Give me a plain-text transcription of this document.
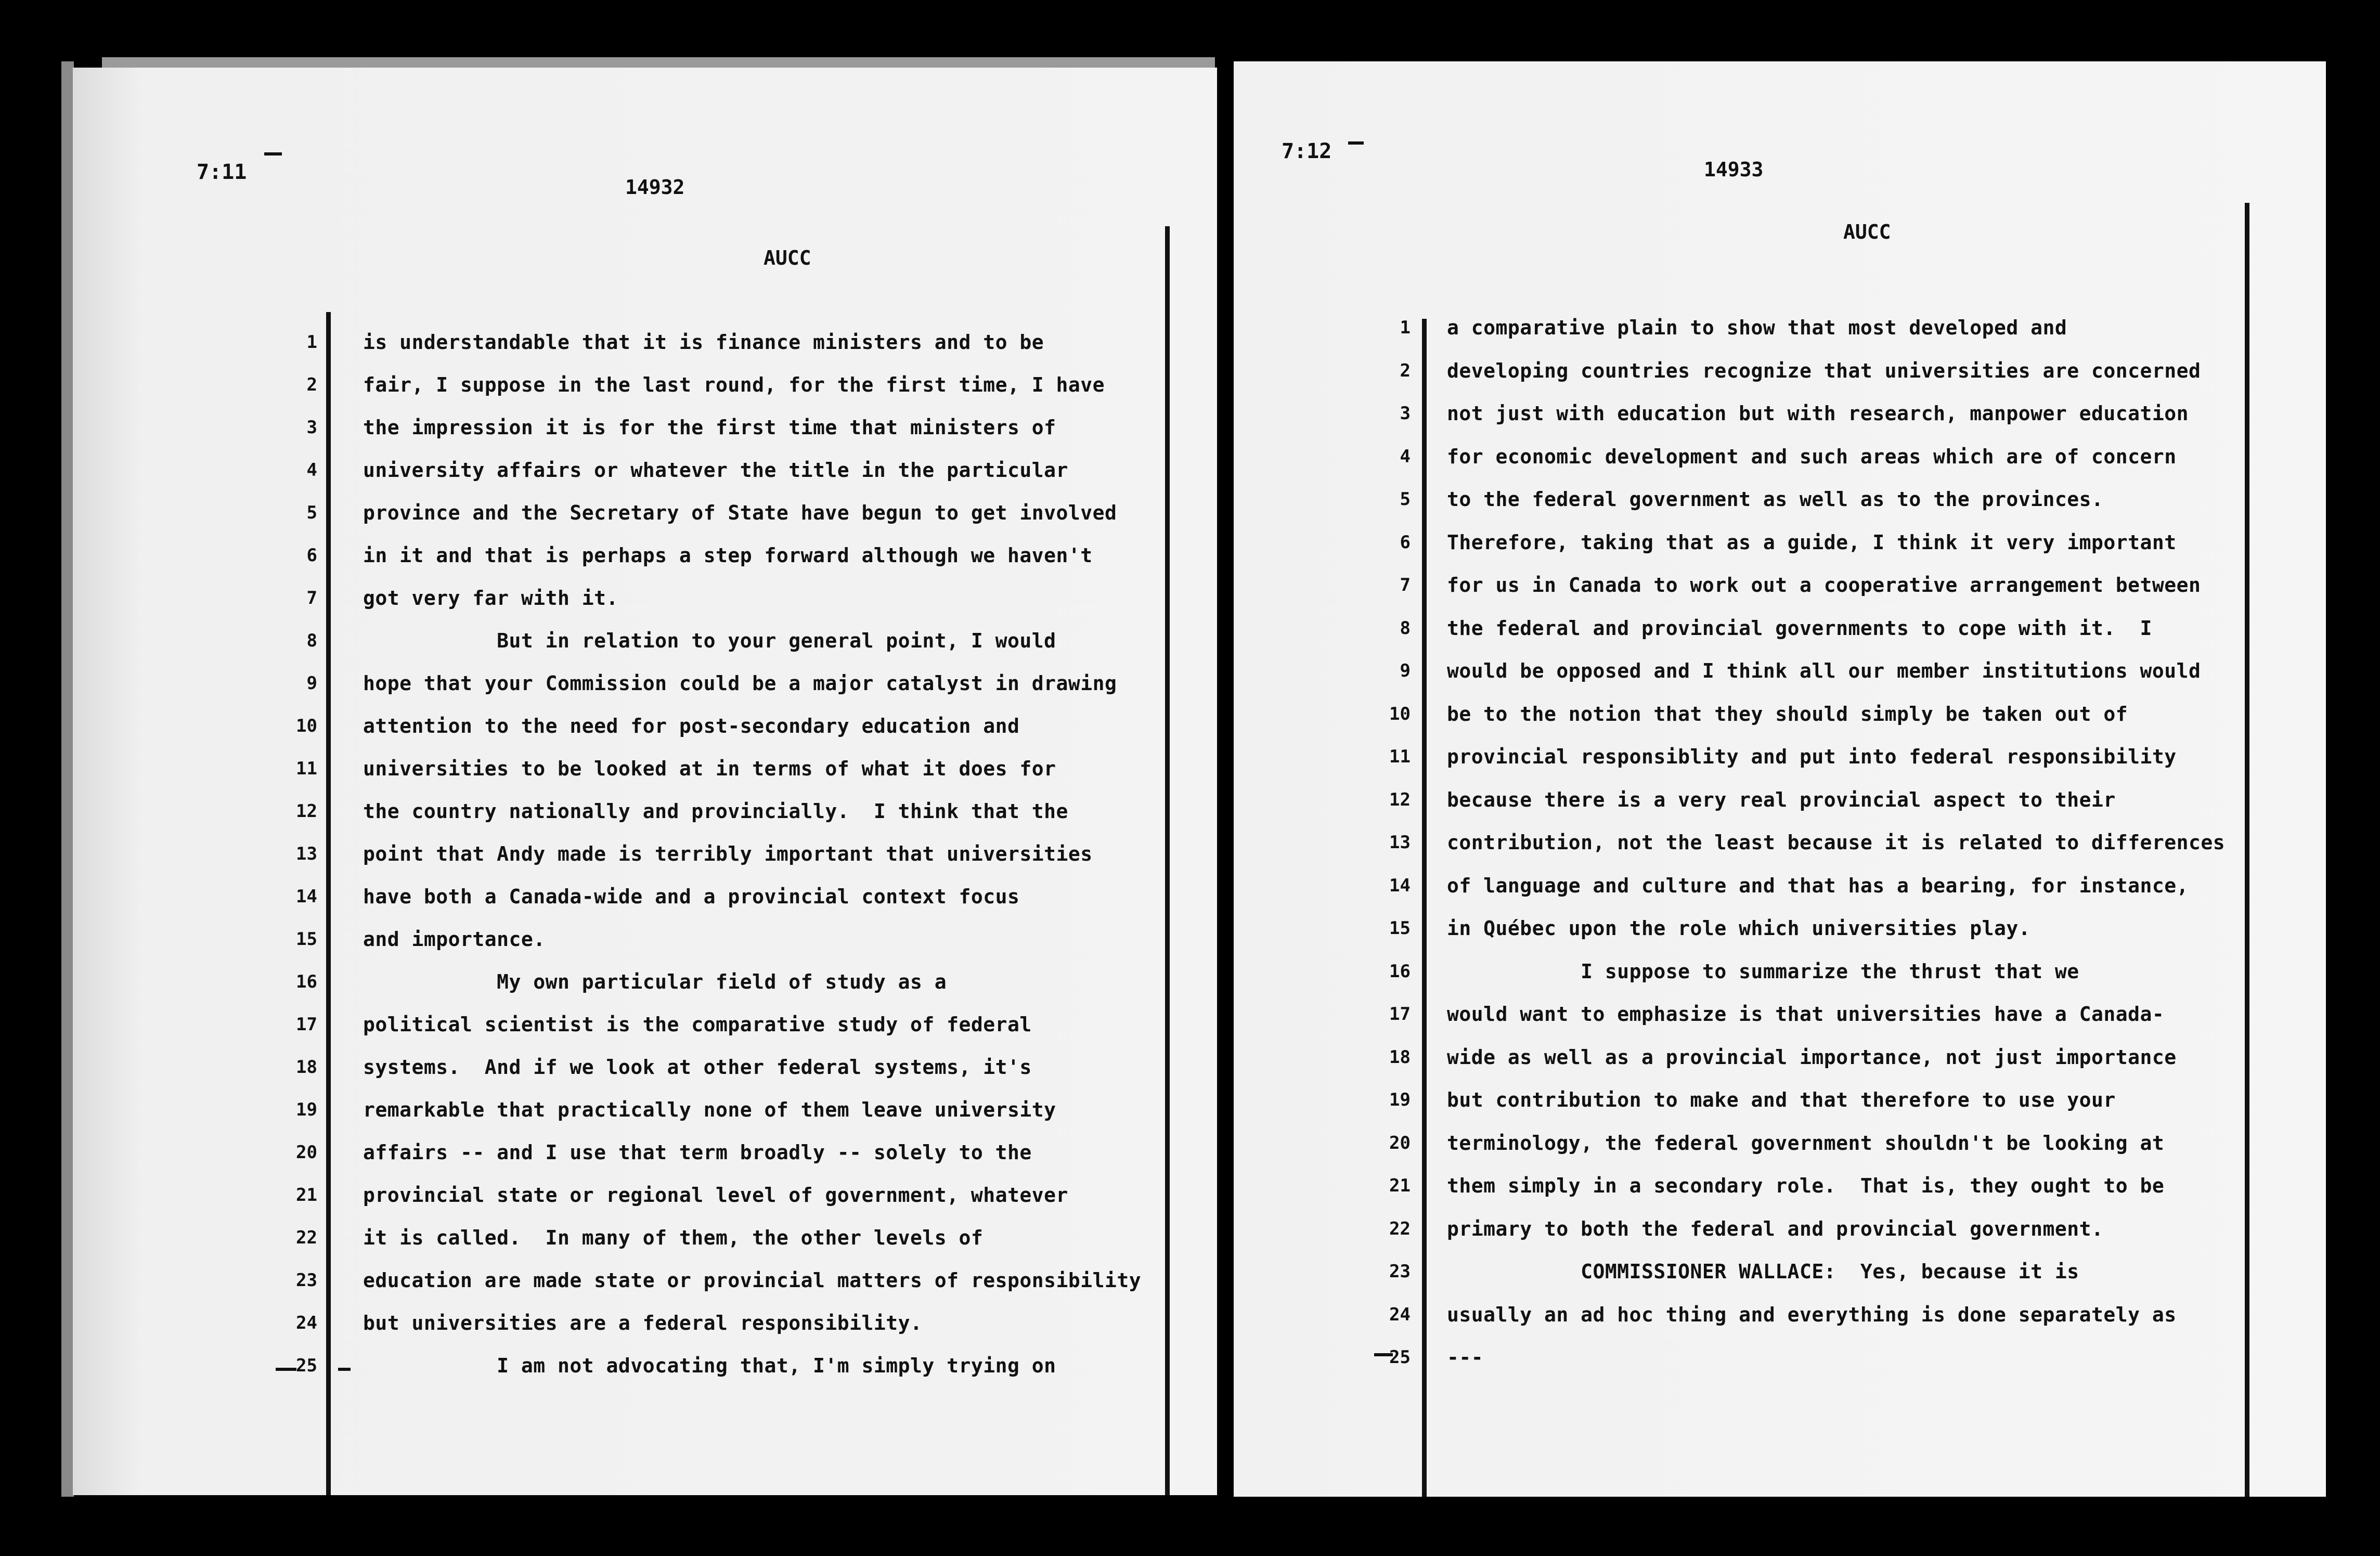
7:11
14932
AUCC
1 is understandable that it is finance ministers and to be
2 fair, I suppose in the last round, for the first time, I have
3 the impression it is for the first time that ministers of
4 university affairs or whatever the title in the particular
5 province and the Secretary of State have begun to get involved
6 in it and that is perhaps a step forward although we haven't
7 got very far with it.
8 But in relation to your general point, I would
9 hope that your Commission could be a major catalyst in drawing
10 attention to the need for post-secondary education and
11 universities to be looked at in terms of what it does for
12 the country nationally and provincially.  I think that the
13 point that Andy made is terribly important that universities
14 have both a Canada-wide and a provincial context focus
15 and importance.
16 My own particular field of study as a
17 political scientist is the comparative study of federal
18 systems.  And if we look at other federal systems, it's
19 remarkable that practically none of them leave university
20 affairs -- and I use that term broadly -- solely to the
21 provincial state or regional level of government, whatever
22 it is called.  In many of them, the other levels of
23 education are made state or provincial matters of responsibility
24 but universities are a federal responsibility.
25 I am not advocating that, I'm simply trying on
7:12
14933
AUCC
1 a comparative plain to show that most developed and
2 developing countries recognize that universities are concerned
3 not just with education but with research, manpower education
4 for economic development and such areas which are of concern
5 to the federal government as well as to the provinces.
6 Therefore, taking that as a guide, I think it very important
7 for us in Canada to work out a cooperative arrangement between
8 the federal and provincial governments to cope with it.  I
9 would be opposed and I think all our member institutions would
10 be to the notion that they should simply be taken out of
11 provincial responsiblity and put into federal responsibility
12 because there is a very real provincial aspect to their
13 contribution, not the least because it is related to differences
14 of language and culture and that has a bearing, for instance,
15 in Québec upon the role which universities play.
16 I suppose to summarize the thrust that we
17 would want to emphasize is that universities have a Canada-
18 wide as well as a provincial importance, not just importance
19 but contribution to make and that therefore to use your
20 terminology, the federal government shouldn't be looking at
21 them simply in a secondary role.  That is, they ought to be
22 primary to both the federal and provincial government.
23 COMMISSIONER WALLACE:  Yes, because it is
24 usually an ad hoc thing and everything is done separately as
25 ---
